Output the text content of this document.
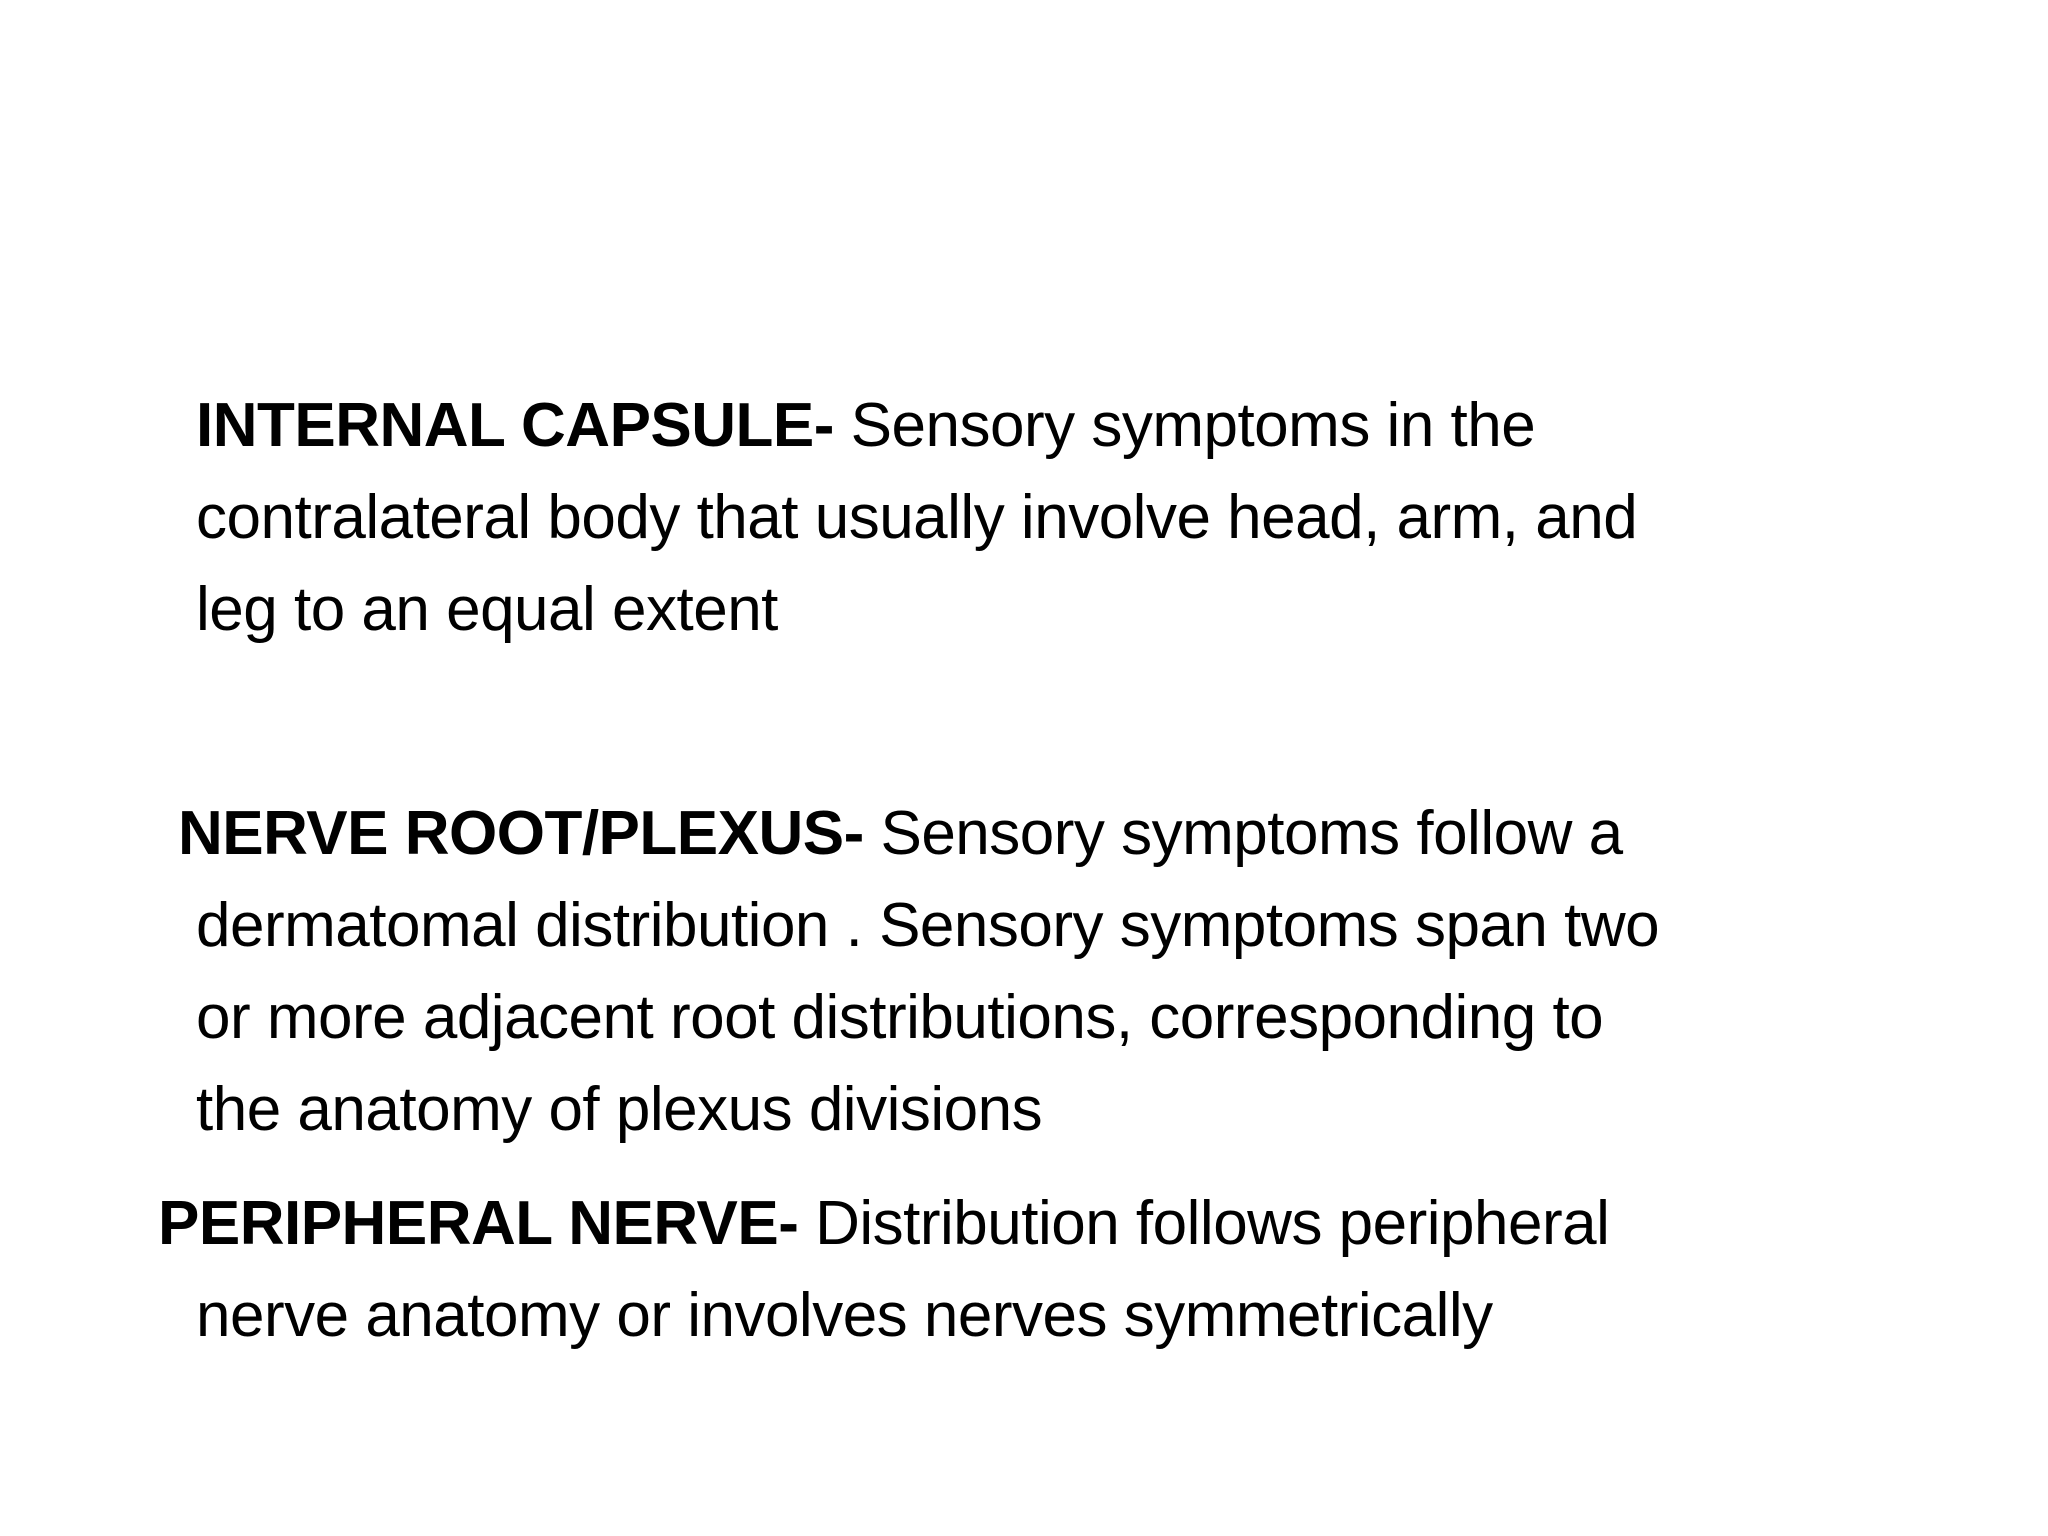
INTERNAL CAPSULE- Sensory symptoms in the
contralateral body that usually involve head, arm, and
leg to an equal extent

NERVE ROOT/PLEXUS- Sensory symptoms follow a
dermatomal distribution . Sensory symptoms span two
or more adjacent root distributions, corresponding to
the anatomy of plexus divisions

PERIPHERAL NERVE- Distribution follows peripheral
nerve anatomy or involves nerves symmetrically
